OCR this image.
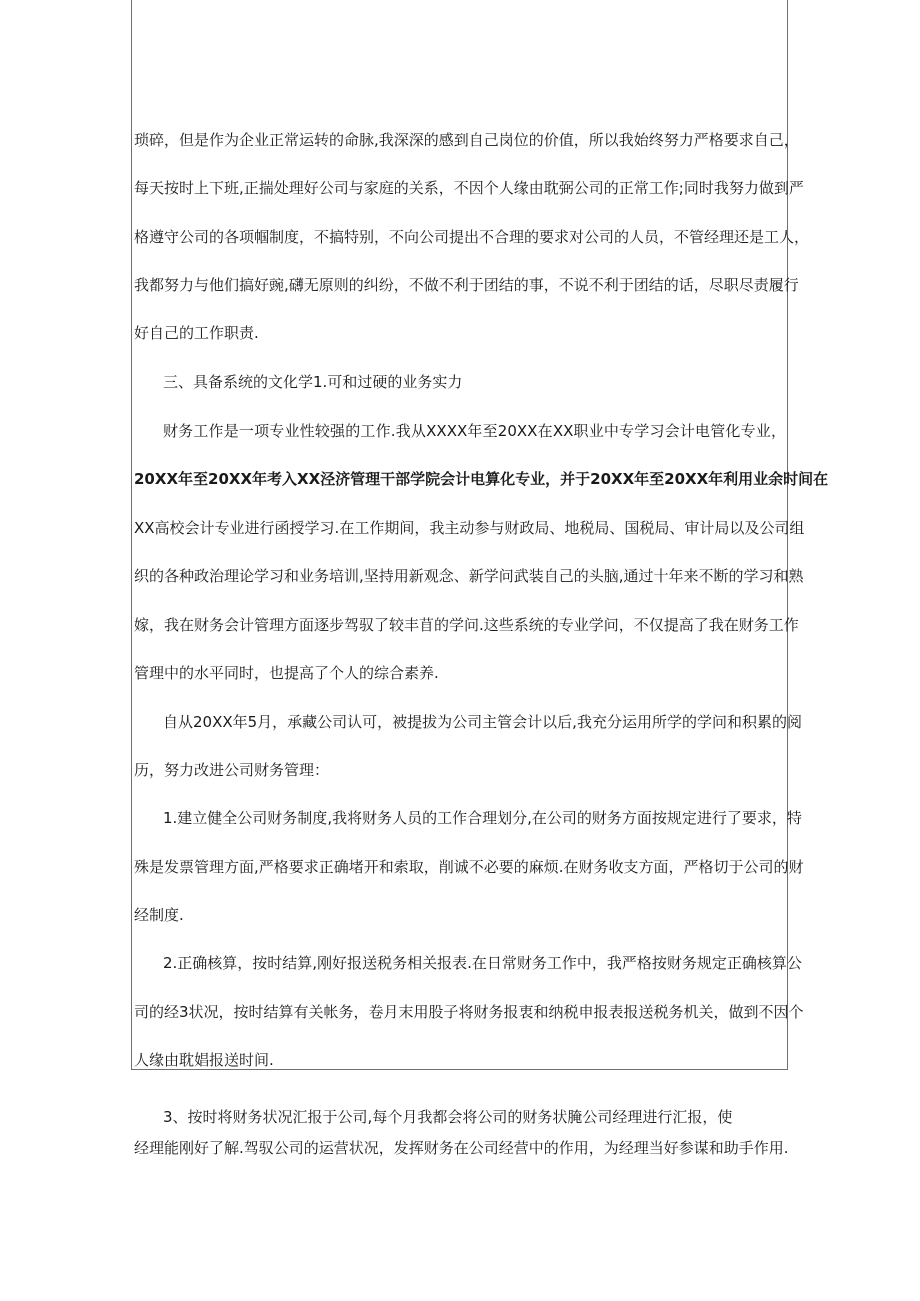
琐碎，但是作为企业正常运转的命脉,我深深的感到自己岗位的价值，所以我始终努力严格要求自己，
每天按时上下班,正揣处理好公司与家庭的关系，不因个人缘由耽弼公司的正常工作;同时我努力做到严
格遵守公司的各项帼制度，不搞特别，不向公司提出不合理的要求对公司的人员，不管经理还是工人，
我都努力与他们搞好豌,礴无原则的纠纷，不做不利于团结的事，不说不利于团结的话，尽职尽责履行
好自己的工作职责.
三、具备系统的文化学1.可和过硬的业务实力
财务工作是一项专业性较强的工作.我从XXXX年至20XX在XX职业中专学习会计电管化专业，
20XX年至20XX年考入XX泾济管理干部学院会计电算化专业，并于20XX年至20XX年利用业余时间在
XX高校会计专业进行函授学习.在工作期间，我主动参与财政局、地税局、国税局、审计局以及公司组
织的各种政治理论学习和业务培训,坚持用新观念、新学问武装自己的头脑,通过十年来不断的学习和熟
嫁，我在财务会计管理方面逐步驾驭了较丰苜的学问.这些系统的专业学问，不仅提高了我在财务工作
管理中的水平同时，也提高了个人的综合素养.
自从20XX年5月，承藏公司认可，被提拔为公司主管会计以后,我充分运用所学的学问和积累的阅
历，努力改进公司财务管理：
1.建立健全公司财务制度,我将财务人员的工作合理划分,在公司的财务方面按规定进行了要求，特
殊是发票管理方面,严格要求正确堵开和索取，削诚不必要的麻烦.在财务收支方面，严格切于公司的财
经制度.
2.正确核算，按时结算,刚好报送税务相关报表.在日常财务工作中，我严格按财务规定正确核算公
司的经3状况，按时结算有关帐务，卷月末用股子将财务报衷和纳税申报表报送税务机关，做到不因个
人缘由耽娼报送时间.
3、按时将财务状况汇报于公司,每个月我都会将公司的财务状腌公司经理进行汇报，使
经理能刚好了解.驾驭公司的运营状况，发挥财务在公司经营中的作用，为经理当好参谋和助手作用.
